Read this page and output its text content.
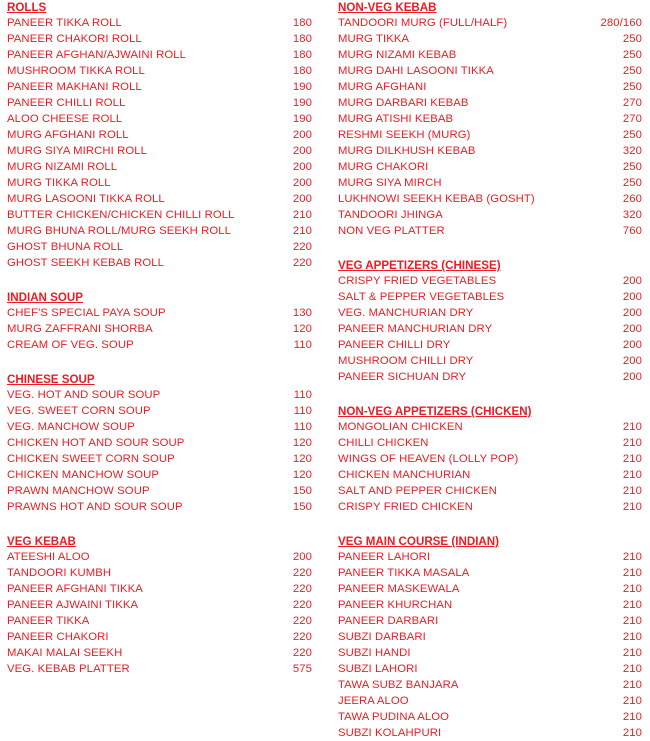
ROLLS
PANEER TIKKA ROLL	180
PANEER CHAKORI ROLL	180
PANEER AFGHAN/AJWAINI ROLL	180
MUSHROOM TIKKA ROLL	180
PANEER MAKHANI ROLL	190
PANEER CHILLI ROLL	190
ALOO CHEESE ROLL	190
MURG AFGHANI ROLL	200
MURG SIYA MIRCHI ROLL	200
MURG NIZAMI ROLL	200
MURG TIKKA ROLL	200
MURG LASOONI TIKKA ROLL	200
BUTTER CHICKEN/CHICKEN CHILLI ROLL	210
MURG BHUNA ROLL/MURG SEEKH ROLL	210
GHOST BHUNA ROLL	220
GHOST SEEKH KEBAB ROLL	220
INDIAN SOUP
CHEF'S SPECIAL PAYA SOUP	130
MURG ZAFFRANI SHORBA	120
CREAM OF VEG. SOUP	110
CHINESE SOUP
VEG. HOT AND SOUR SOUP	110
VEG. SWEET CORN SOUP	110
VEG. MANCHOW SOUP	110
CHICKEN HOT AND SOUR SOUP	120
CHICKEN SWEET CORN SOUP	120
CHICKEN MANCHOW SOUP	120
PRAWN MANCHOW SOUP	150
PRAWNS HOT AND SOUR SOUP	150
VEG KEBAB
ATEESHI ALOO	200
TANDOORI KUMBH	220
PANEER AFGHANI TIKKA	220
PANEER AJWAINI TIKKA	220
PANEER TIKKA	220
PANEER CHAKORI	220
MAKAI MALAI SEEKH	220
VEG. KEBAB PLATTER	575
NON-VEG KEBAB
TANDOORI MURG (FULL/HALF)	280/160
MURG TIKKA	250
MURG NIZAMI KEBAB	250
MURG DAHI LASOONI TIKKA	250
MURG AFGHANI	250
MURG DARBARI KEBAB	270
MURG ATISHI KEBAB	270
RESHMI SEEKH (MURG)	250
MURG DILKHUSH KEBAB	320
MURG CHAKORI	250
MURG SIYA MIRCH	250
LUKHNOWI SEEKH KEBAB (GOSHT)	260
TANDOORI JHINGA	320
NON VEG PLATTER	760
VEG APPETIZERS (CHINESE)
CRISPY FRIED VEGETABLES	200
SALT & PEPPER VEGETABLES	200
VEG. MANCHURIAN DRY	200
PANEER MANCHURIAN DRY	200
PANEER CHILLI DRY	200
MUSHROOM CHILLI DRY	200
PANEER SICHUAN DRY	200
NON-VEG APPETIZERS (CHICKEN)
MONGOLIAN CHICKEN	210
CHILLI CHICKEN	210
WINGS OF HEAVEN (LOLLY POP)	210
CHICKEN MANCHURIAN	210
SALT AND PEPPER CHICKEN	210
CRISPY FRIED CHICKEN	210
VEG MAIN COURSE (INDIAN)
PANEER LAHORI	210
PANEER TIKKA MASALA	210
PANEER MASKEWALA	210
PANEER KHURCHAN	210
PANEER DARBARI	210
SUBZI DARBARI	210
SUBZI HANDI	210
SUBZI LAHORI	210
TAWA SUBZ BANJARA	210
JEERA ALOO	210
TAWA PUDINA ALOO	210
SUBZI KOLAHPURI	210
